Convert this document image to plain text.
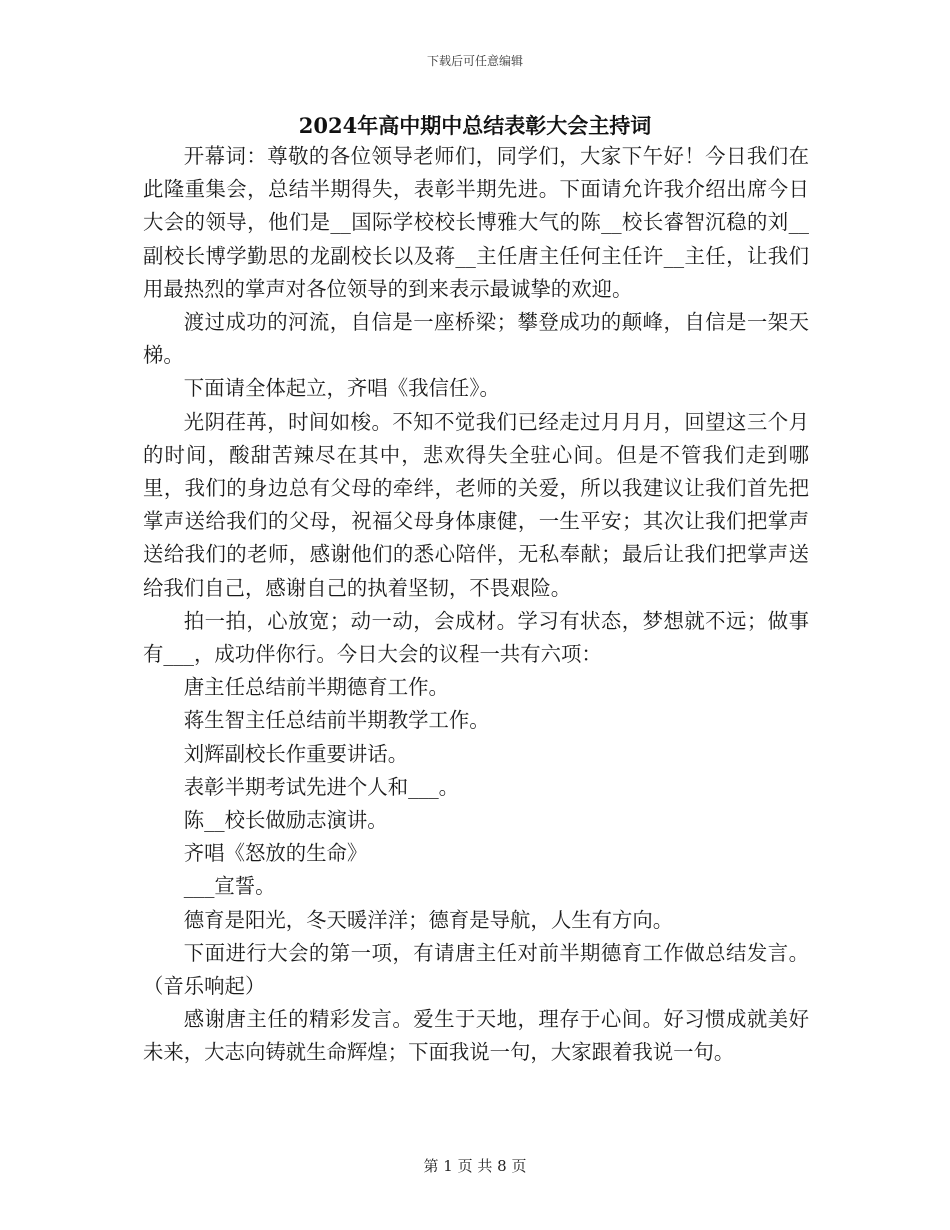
下载后可任意编辑
2024年高中期中总结表彰大会主持词

开幕词：尊敬的各位领导老师们，同学们，大家下午好！今日我们在此隆重集会，总结半期得失，表彰半期先进。下面请允许我介绍出席今日大会的领导，他们是__国际学校校长博雅大气的陈__校长睿智沉稳的刘__副校长博学勤思的龙副校长以及蒋__主任唐主任何主任许__主任，让我们用最热烈的掌声对各位领导的到来表示最诚挚的欢迎。

渡过成功的河流，自信是一座桥梁；攀登成功的颠峰，自信是一架天梯。

下面请全体起立，齐唱《我信任》。

光阴荏苒，时间如梭。不知不觉我们已经走过月月月，回望这三个月的时间，酸甜苦辣尽在其中，悲欢得失全驻心间。但是不管我们走到哪里，我们的身边总有父母的牵绊，老师的关爱，所以我建议让我们首先把掌声送给我们的父母，祝福父母身体康健，一生平安；其次让我们把掌声送给我们的老师，感谢他们的悉心陪伴，无私奉献；最后让我们把掌声送给我们自己，感谢自己的执着坚韧，不畏艰险。

拍一拍，心放宽；动一动，会成材。学习有状态，梦想就不远；做事有___，成功伴你行。今日大会的议程一共有六项：

唐主任总结前半期德育工作。

蒋生智主任总结前半期教学工作。

刘辉副校长作重要讲话。

表彰半期考试先进个人和___。

陈__校长做励志演讲。

齐唱《怒放的生命》

___宣誓。

德育是阳光，冬天暖洋洋；德育是导航，人生有方向。

下面进行大会的第一项，有请唐主任对前半期德育工作做总结发言。（音乐响起）

感谢唐主任的精彩发言。爱生于天地，理存于心间。好习惯成就美好未来，大志向铸就生命辉煌；下面我说一句，大家跟着我说一句。

第 1 页 共 8 页
